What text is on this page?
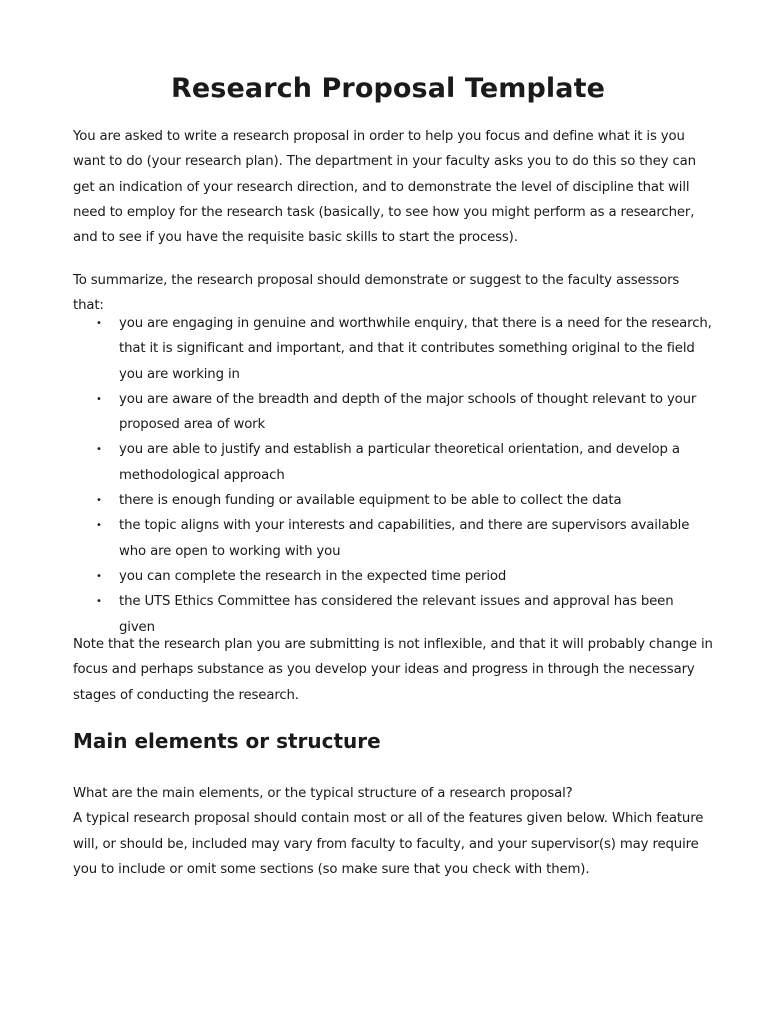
Research Proposal Template

You are asked to write a research proposal in order to help you focus and define what it is you want to do (your research plan). The department in your faculty asks you to do this so they can get an indication of your research direction, and to demonstrate the level of discipline that will need to employ for the research task (basically, to see how you might perform as a researcher, and to see if you have the requisite basic skills to start the process).

To summarize, the research proposal should demonstrate or suggest to the faculty assessors that:

• you are engaging in genuine and worthwhile enquiry, that there is a need for the research, that it is significant and important, and that it contributes something original to the field you are working in
• you are aware of the breadth and depth of the major schools of thought relevant to your proposed area of work
• you are able to justify and establish a particular theoretical orientation, and develop a methodological approach
• there is enough funding or available equipment to be able to collect the data
• the topic aligns with your interests and capabilities, and there are supervisors available who are open to working with you
• you can complete the research in the expected time period
• the UTS Ethics Committee has considered the relevant issues and approval has been given

Note that the research plan you are submitting is not inflexible, and that it will probably change in focus and perhaps substance as you develop your ideas and progress in through the necessary stages of conducting the research.

Main elements or structure
What are the main elements, or the typical structure of a research proposal?
A typical research proposal should contain most or all of the features given below. Which feature will, or should be, included may vary from faculty to faculty, and your supervisor(s) may require you to include or omit some sections (so make sure that you check with them).
